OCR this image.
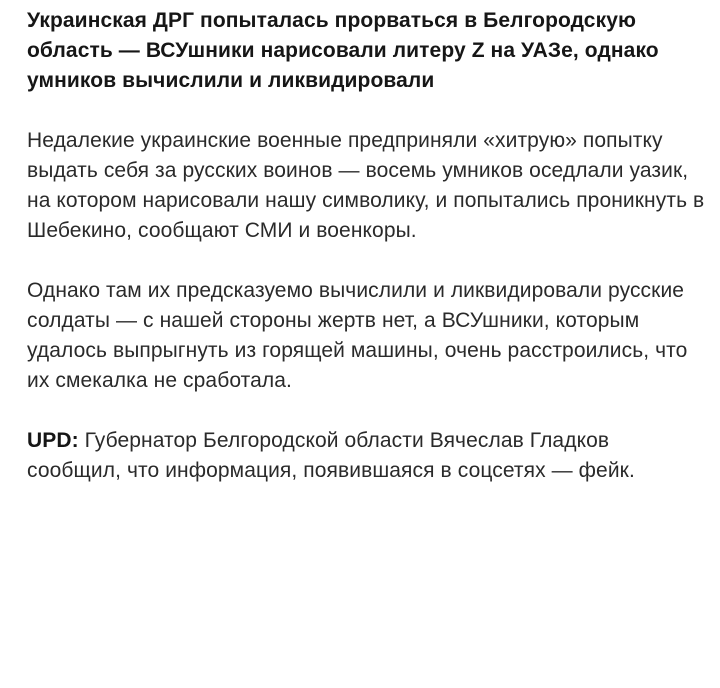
Украинская ДРГ попыталась прорваться в Белгородскую область — ВСУшники нарисовали литеру Z на УАЗе, однако умников вычислили и ликвидировали

Недалекие украинские военные предприняли «хитрую» попытку выдать себя за русских воинов — восемь умников оседлали уазик, на котором нарисовали нашу символику, и попытались проникнуть в Шебекино, сообщают СМИ и военкоры.

Однако там их предсказуемо вычислили и ликвидировали русские солдаты — с нашей стороны жертв нет, а ВСУшники, которым удалось выпрыгнуть из горящей машины, очень расстроились, что их смекалка не сработала.

UPD: Губернатор Белгородской области Вячеслав Гладков сообщил, что информация, появившаяся в соцсетях — фейк.
